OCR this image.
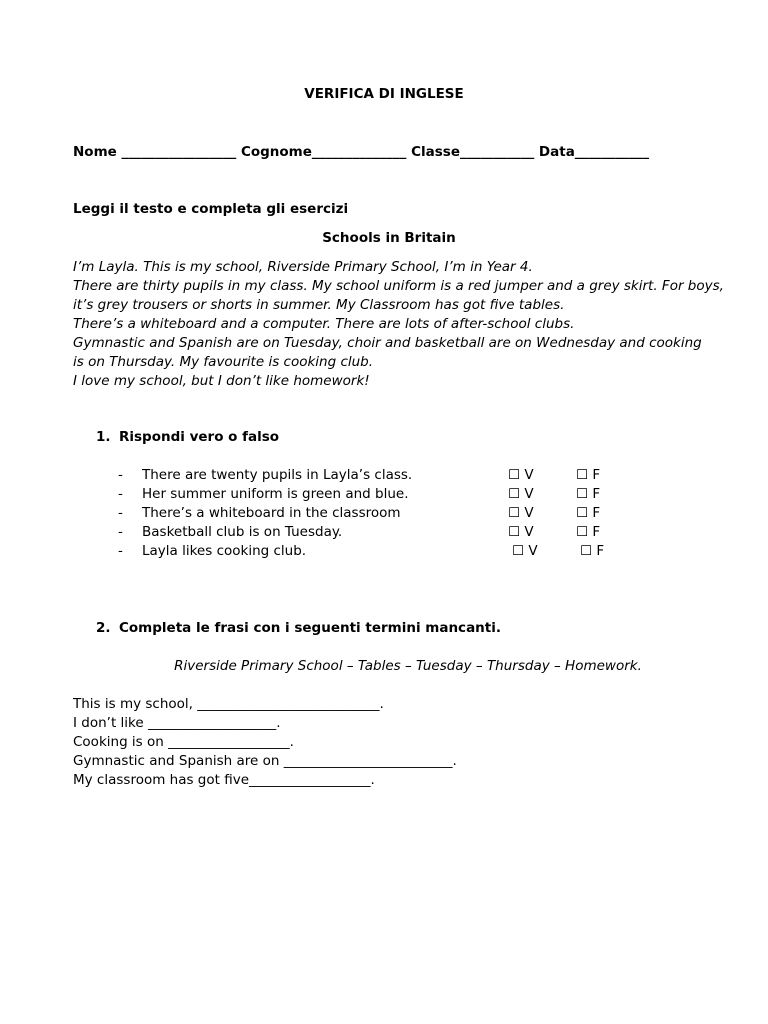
VERIFICA DI INGLESE
Nome _________________ Cognome______________ Classe___________ Data___________
Leggi il testo e completa gli esercizi
Schools in Britain
I’m Layla. This is my school, Riverside Primary School, I’m in Year 4.
There are thirty pupils in my class. My school uniform is a red jumper and a grey skirt. For boys,
it’s grey trousers or shorts in summer. My Classroom has got five tables.
There’s a whiteboard and a computer. There are lots of after-school clubs.
Gymnastic and Spanish are on Tuesday, choir and basketball are on Wednesday and cooking
is on Thursday. My favourite is cooking club.
I love my school, but I don’t like homework!
1. Rispondi vero o falso
- There are twenty pupils in Layla’s class.	☐ V	☐ F
- Her summer uniform is green and blue.	☐ V	☐ F
- There’s a whiteboard in the classroom	☐ V	☐ F
- Basketball club is on Tuesday.	☐ V	☐ F
- Layla likes cooking club.	☐ V	☐ F
2. Completa le frasi con i seguenti termini mancanti.
Riverside Primary School – Tables – Tuesday – Thursday – Homework.
This is my school, ___________________________.
I don’t like ___________________.
Cooking is on __________________.
Gymnastic and Spanish are on _________________________.
My classroom has got five__________________.
